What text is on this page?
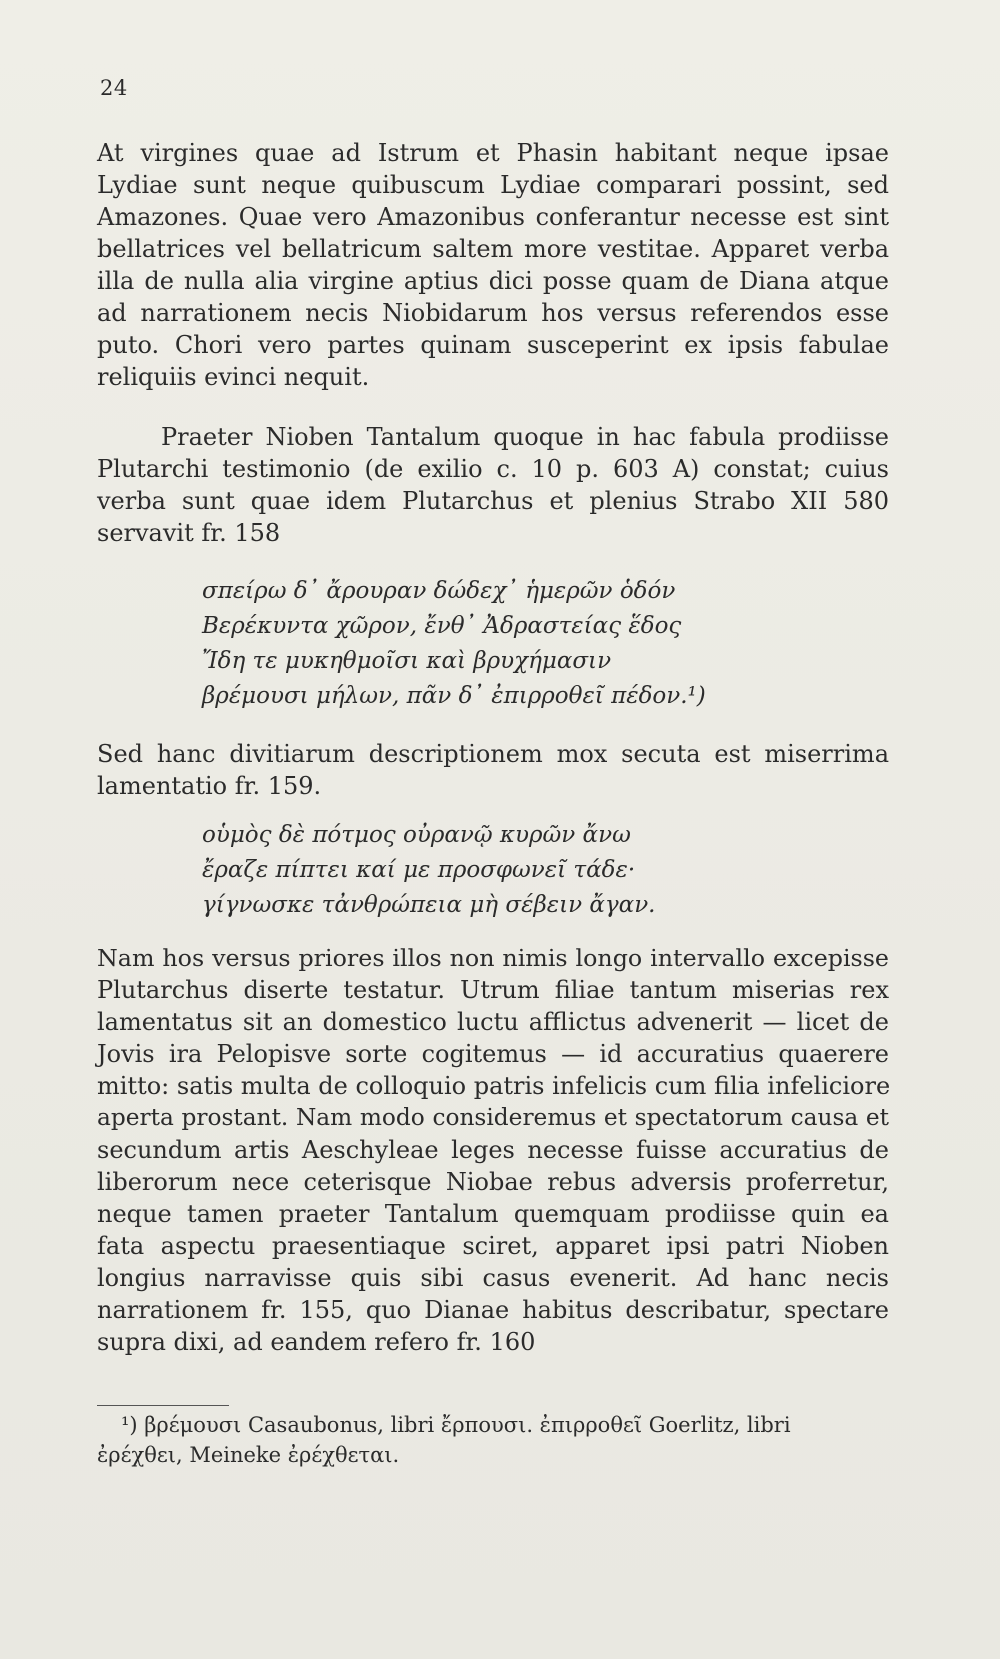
24
At virgines quae ad Istrum et Phasin habitant neque ipsae
Lydiae sunt neque quibuscum Lydiae comparari possint, sed
Amazones. Quae vero Amazonibus conferantur necesse est sint
bellatrices vel bellatricum saltem more vestitae. Apparet verba
illa de nulla alia virgine aptius dici posse quam de Diana atque
ad narrationem necis Niobidarum hos versus referendos esse
puto. Chori vero partes quinam susceperint ex ipsis fabulae
reliquiis evinci nequit.
Praeter Nioben Tantalum quoque in hac fabula prodiisse
Plutarchi testimonio (de exilio c. 10 p. 603 A) constat; cuius
verba sunt quae idem Plutarchus et plenius Strabo XII 580
servavit fr. 158
σπείρω δ᾽ ἄρουραν δώδεχ᾽ ἡμερῶν ὁδόν
Βερέκυντα χῶρον, ἔνθ᾽ Ἀδραστείας ἕδος
Ἴδη τε μυκηθμοῖσι καὶ βρυχήμασιν
βρέμουσι μήλων, πᾶν δ᾽ ἐπιρροθεῖ πέδον.¹)
Sed hanc divitiarum descriptionem mox secuta est miserrima
lamentatio fr. 159.
οὑμὸς δὲ πότμος οὐρανῷ κυρῶν ἄνω
ἔραζε πίπτει καί με προσφωνεῖ τάδε·
γίγνωσκε τἀνθρώπεια μὴ σέβειν ἄγαν.
Nam hos versus priores illos non nimis longo intervallo excepisse
Plutarchus diserte testatur. Utrum filiae tantum miserias rex
lamentatus sit an domestico luctu afflictus advenerit — licet de
Jovis ira Pelopisve sorte cogitemus — id accuratius quaerere
mitto: satis multa de colloquio patris infelicis cum filia infeliciore
aperta prostant. Nam modo consideremus et spectatorum causa et
secundum artis Aeschyleae leges necesse fuisse accuratius de
liberorum nece ceterisque Niobae rebus adversis proferretur,
neque tamen praeter Tantalum quemquam prodiisse quin ea
fata aspectu praesentiaque sciret, apparet ipsi patri Nioben
longius narravisse quis sibi casus evenerit. Ad hanc necis
narrationem fr. 155, quo Dianae habitus describatur, spectare
supra dixi, ad eandem refero fr. 160
¹) βρέμουσι Casaubonus, libri ἔρπουσι. ἐπιρροθεῖ Goerlitz, libri
ἐρέχθει, Meineke ἐρέχθεται.
